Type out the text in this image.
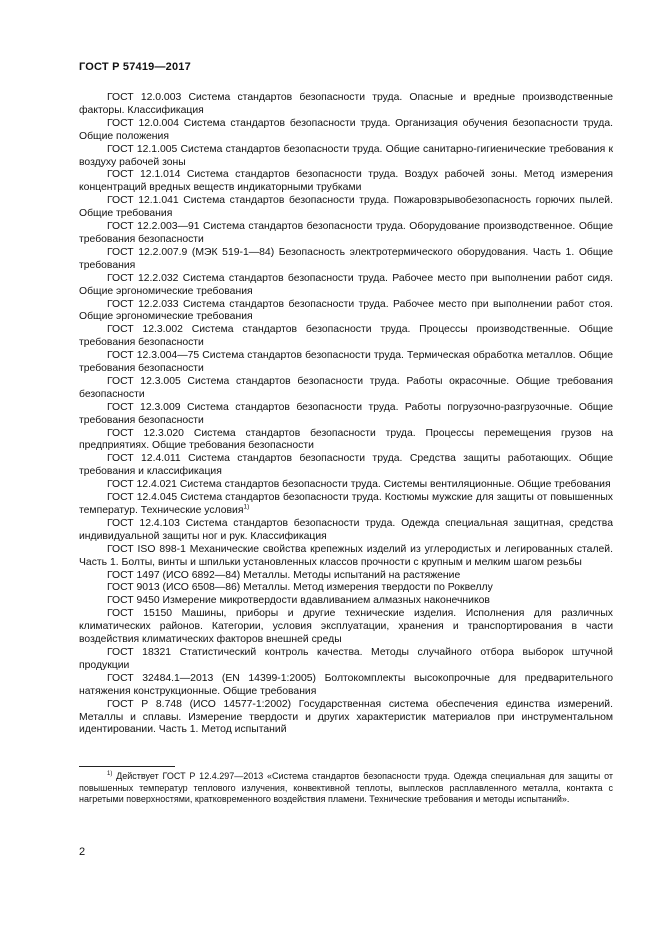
ГОСТ Р 57419—2017

ГОСТ 12.0.003 Система стандартов безопасности труда. Опасные и вредные производственные факторы. Классификация

ГОСТ 12.0.004 Система стандартов безопасности труда. Организация обучения безопасности труда. Общие положения

ГОСТ 12.1.005 Система стандартов безопасности труда. Общие санитарно-гигиенические требования к воздуху рабочей зоны

ГОСТ 12.1.014 Система стандартов безопасности труда. Воздух рабочей зоны. Метод измерения концентраций вредных веществ индикаторными трубками

ГОСТ 12.1.041 Система стандартов безопасности труда. Пожаровзрывобезопасность горючих пылей. Общие требования

ГОСТ 12.2.003—91 Система стандартов безопасности труда. Оборудование производственное. Общие требования безопасности

ГОСТ 12.2.007.9 (МЭК 519-1—84) Безопасность электротермического оборудования. Часть 1. Общие требования

ГОСТ 12.2.032 Система стандартов безопасности труда. Рабочее место при выполнении работ сидя. Общие эргономические требования

ГОСТ 12.2.033 Система стандартов безопасности труда. Рабочее место при выполнении работ стоя. Общие эргономические требования

ГОСТ 12.3.002 Система стандартов безопасности труда. Процессы производственные. Общие требования безопасности

ГОСТ 12.3.004—75 Система стандартов безопасности труда. Термическая обработка металлов. Общие требования безопасности

ГОСТ 12.3.005 Система стандартов безопасности труда. Работы окрасочные. Общие требования безопасности

ГОСТ 12.3.009 Система стандартов безопасности труда. Работы погрузочно-разгрузочные. Общие требования безопасности

ГОСТ 12.3.020 Система стандартов безопасности труда. Процессы перемещения грузов на предприятиях. Общие требования безопасности

ГОСТ 12.4.011 Система стандартов безопасности труда. Средства защиты работающих. Общие требования и классификация

ГОСТ 12.4.021 Система стандартов безопасности труда. Системы вентиляционные. Общие требования

ГОСТ 12.4.045 Система стандартов безопасности труда. Костюмы мужские для защиты от повышенных температур. Технические условия$^{1)}$

ГОСТ 12.4.103 Система стандартов безопасности труда. Одежда специальная защитная, средства индивидуальной защиты ног и рук. Классификация

ГОСТ ISO 898-1 Механические свойства крепежных изделий из углеродистых и легированных сталей. Часть 1. Болты, винты и шпильки установленных классов прочности с крупным и мелким шагом резьбы

ГОСТ 1497 (ИСО 6892—84) Металлы. Методы испытаний на растяжение

ГОСТ 9013 (ИСО 6508—86) Металлы. Метод измерения твердости по Роквеллу

ГОСТ 9450 Измерение микротвердости вдавливанием алмазных наконечников

ГОСТ 15150 Машины, приборы и другие технические изделия. Исполнения для различных климатических районов. Категории, условия эксплуатации, хранения и транспортирования в части воздействия климатических факторов внешней среды

ГОСТ 18321 Статистический контроль качества. Методы случайного отбора выборок штучной продукции

ГОСТ 32484.1—2013 (EN 14399-1:2005) Болтокомплекты высокопрочные для предварительного натяжения конструкционные. Общие требования

ГОСТ Р 8.748 (ИСО 14577-1:2002) Государственная система обеспечения единства измерений. Металлы и сплавы. Измерение твердости и других характеристик материалов при инструментальном идентировании. Часть 1. Метод испытаний

$^{1)}$ Действует ГОСТ Р 12.4.297—2013 «Система стандартов безопасности труда. Одежда специальная для защиты от повышенных температур теплового излучения, конвективной теплоты, выплесков расплавленного металла, контакта с нагретыми поверхностями, кратковременного воздействия пламени. Технические требования и методы испытаний».

2
